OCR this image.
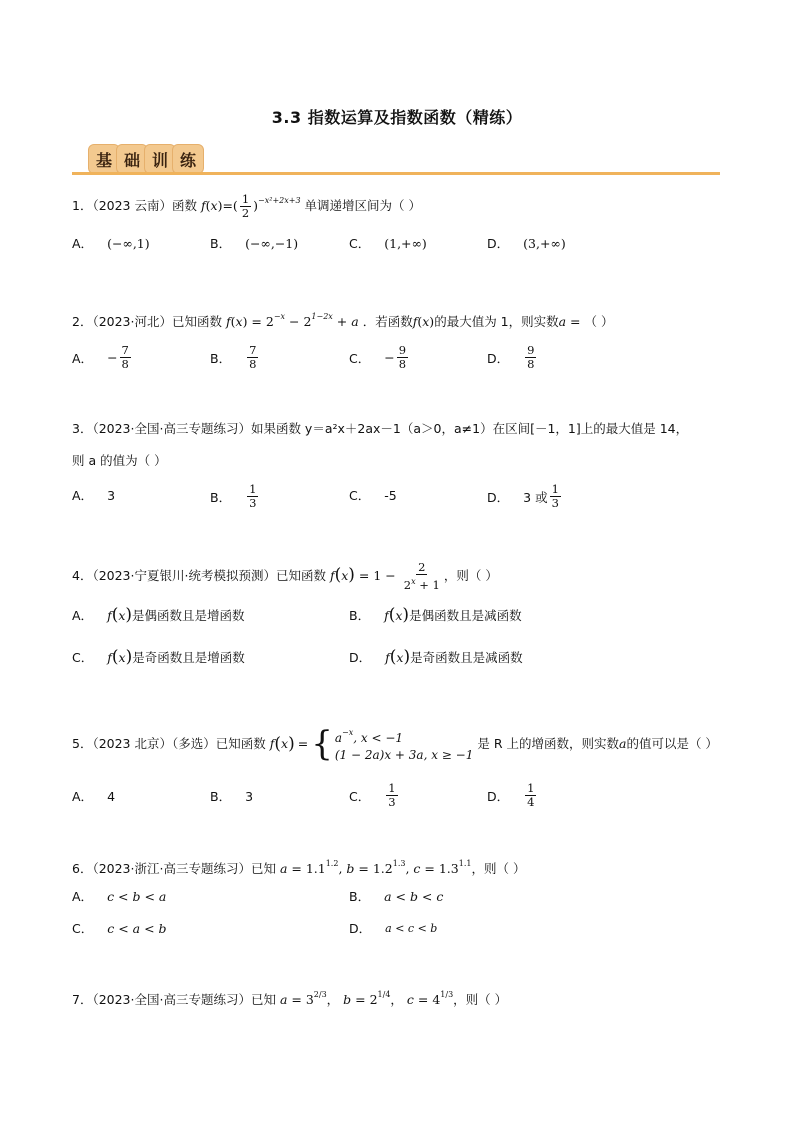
3.3 指数运算及指数函数（精练）
基 础 训 练
1．（2023 云南）函数 $f(x)=( \frac{1}{2} )^{-x^2+2x+3}$ 单调递增区间为（ ）
A． (−∞,1)	B． (−∞,−1)	C． (1,+∞)	D． (3,+∞)
2．（2023·河北）已知函数 $f(x) = 2^{-x} - 2^{1-2x} + a$ ．若函数f(x)的最大值为 1，则实数a = （ ）
A． − $\frac{7}{8}$	B． $\frac{7}{8}$	C． − $\frac{9}{8}$	D． $\frac{9}{8}$
3．（2023·全国·高三专题练习）如果函数 y＝a²x＋2ax－1（a＞0，a≠1）在区间[－1，1]上的最大值是 14，
则 a 的值为（ ）
A． 3	B． $\frac{1}{3}$	C． -5	D． 3 或 $\frac{1}{3}$
4．（2023·宁夏银川·统考模拟预测）已知函数 $f(x) = 1 - \frac{2}{2^x + 1}$ ，则（ ）
A． f ( x ) 是偶函数且是增函数	B． f ( x ) 是偶函数且是减函数
C． f ( x ) 是奇函数且是增函数	D． f ( x ) 是奇函数且是减函数
5．（2023 北京）（多选）已知函数 f ( x ) = { $a^{-x}$, x < −1
(1 − 2a)x + 3a, x ≥ −1
是 R 上的增函数，则实数 a 的值可以是（ ）
A． 4	B． 3	C． $\frac{1}{3}$	D． $\frac{1}{4}$
6．（2023·浙江·高三专题练习）已知 $a = 1.1^{1.2}$, $b = 1.2^{1.3}$, $c = 1.3^{1.1}$，则（ ）
A． c < b < a	B． a < b < c
C． c < a < b	D． a < c < b
7．（2023·全国·高三专题练习）已知 $a = 3^{2/3}$， $b = 2^{1/4}$， $c = 4^{1/3}$，则（ ）
